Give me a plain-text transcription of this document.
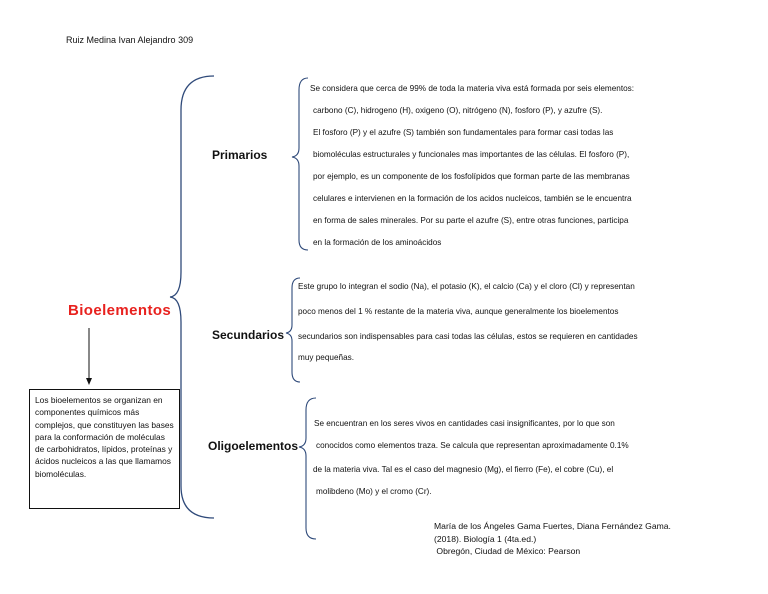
Ruiz Medina Ivan Alejandro 309
Bioelementos
Primarios
Secundarios
Oligoelementos
Los bioelementos se organizan en componentes químicos más complejos, que constituyen las bases para la conformación de moléculas de carbohidratos, lípidos, proteínas y ácidos nucleicos a las que llamamos biomoléculas.
Se considera que cerca de 99% de toda la materia viva está formada por seis elementos:
carbono (C), hidrogeno (H), oxigeno (O), nitrógeno (N), fosforo (P), y azufre (S).
El fosforo (P) y el azufre (S) también son fundamentales para formar casi todas las
biomoléculas estructurales y funcionales mas importantes de las células. El fosforo (P),
por ejemplo, es un componente de los fosfolípidos que forman parte de las membranas
celulares e intervienen en la formación de los acidos nucleicos, también se le encuentra
en forma de sales minerales. Por su parte el azufre (S), entre otras funciones, participa
en la formación de los aminoácidos
Este grupo lo integran el sodio (Na), el potasio (K), el calcio (Ca) y el cloro (Cl) y representan
poco menos del 1 % restante de la materia viva, aunque generalmente los bioelementos
secundarios son indispensables para casi todas las células, estos se requieren en cantidades
muy pequeñas.
Se encuentran en los seres vivos en cantidades casi insignificantes, por lo que son
conocidos como elementos traza. Se calcula que representan aproximadamente 0.1%
de la materia viva. Tal es el caso del magnesio (Mg), el fierro (Fe), el cobre (Cu), el
molibdeno (Mo) y el cromo (Cr).
María de los Ángeles Gama Fuertes, Diana Fernández Gama.
(2018). Biología 1 (4ta.ed.)
Obregón, Ciudad de México: Pearson
